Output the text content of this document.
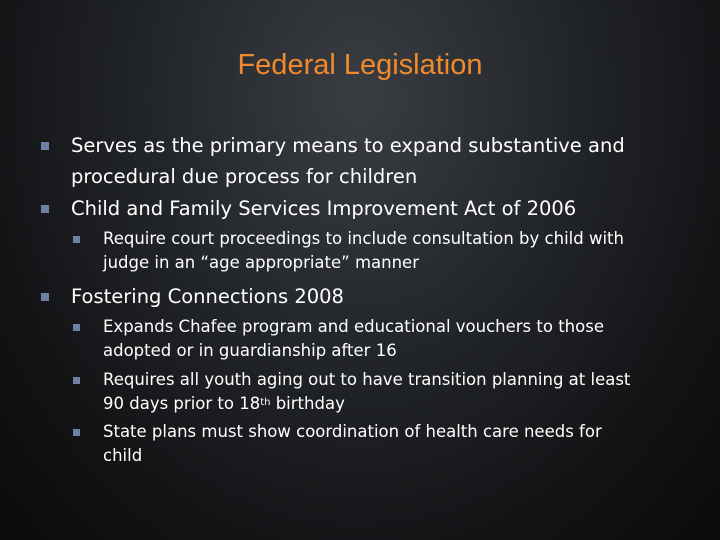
Federal Legislation
Serves as the primary means to expand substantive and
procedural due process for children
Child and Family Services Improvement Act of 2006
Require court proceedings to include consultation by child with
judge in an “age appropriate” manner
Fostering Connections 2008
Expands Chafee program and educational vouchers to those
adopted or in guardianship after 16
Requires all youth aging out to have transition planning at least
90 days prior to 18th birthday
State plans must show coordination of health care needs for
child
